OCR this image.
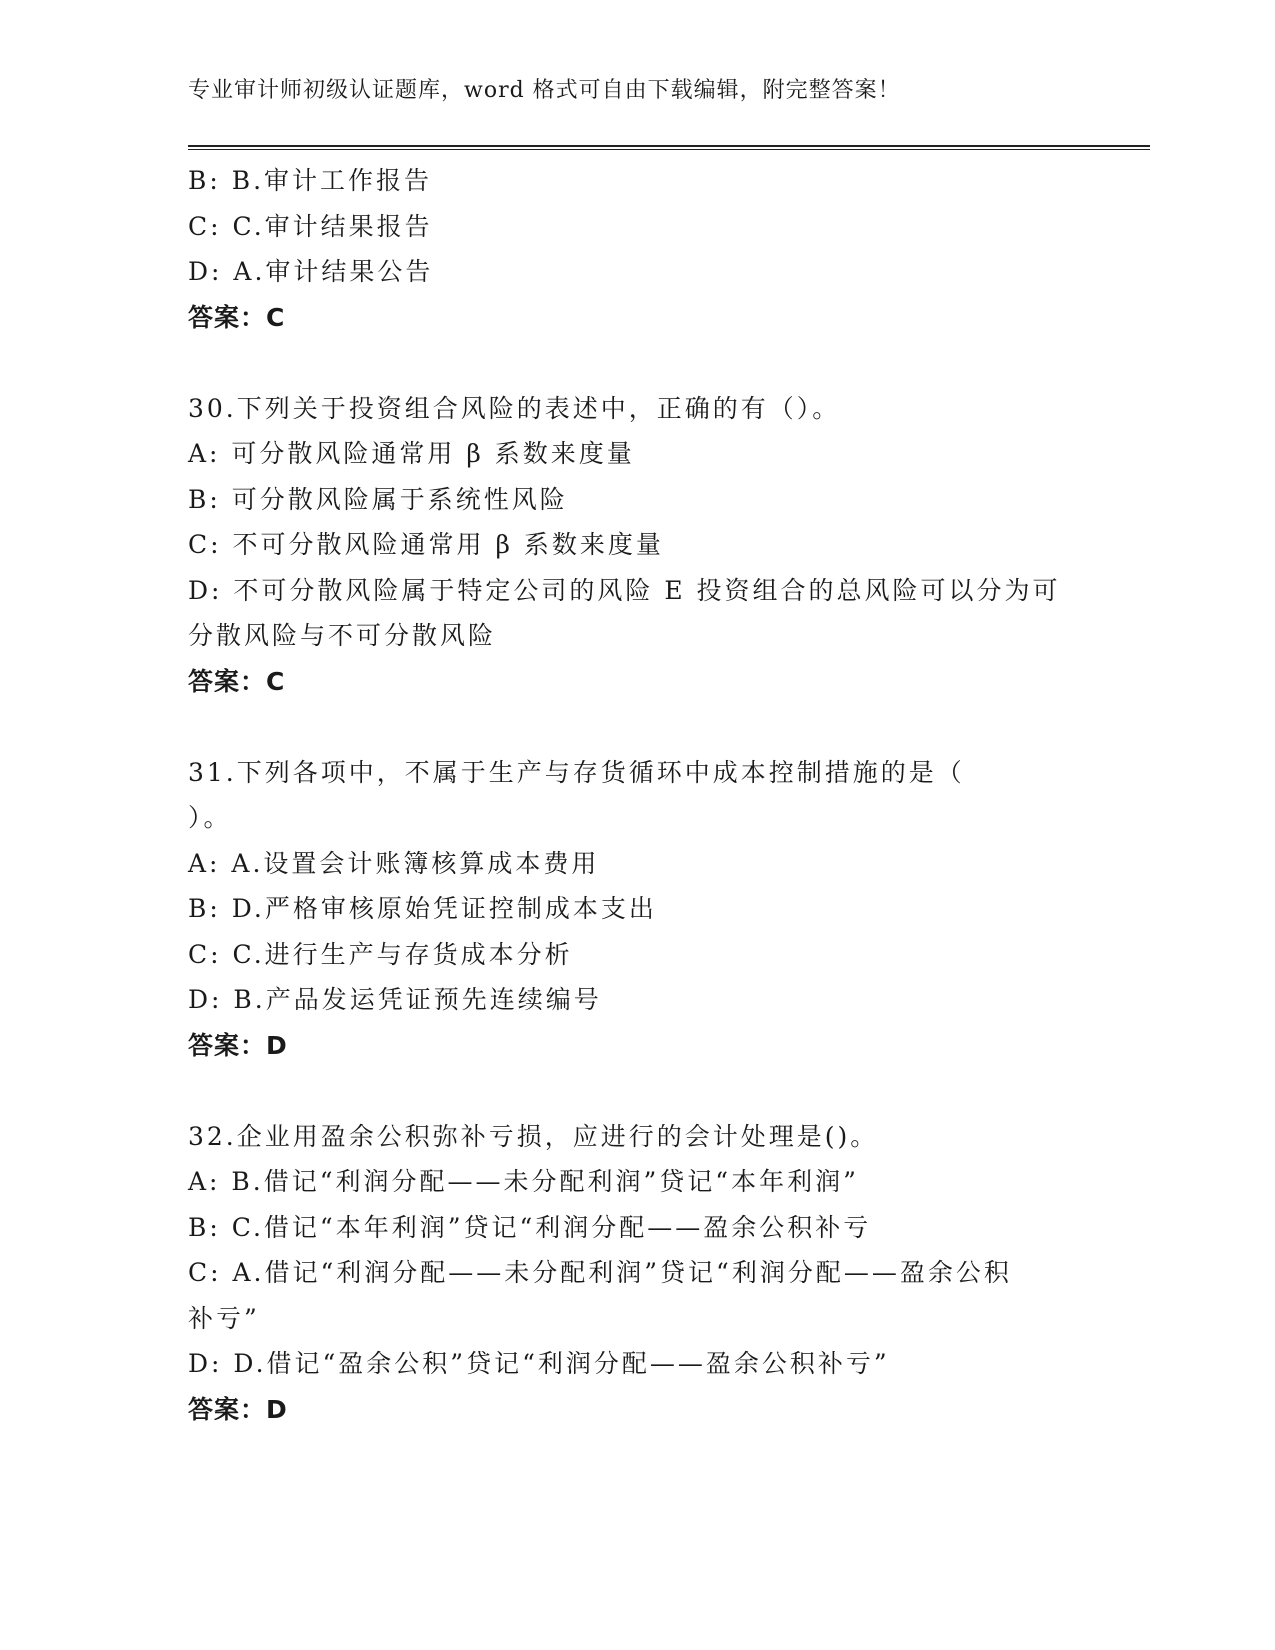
专业审计师初级认证题库，word 格式可自由下载编辑，附完整答案！
B: B.审计工作报告
C: C.审计结果报告
D: A.审计结果公告
答案：C
30.下列关于投资组合风险的表述中，正确的有（）。
A: 可分散风险通常用 β 系数来度量
B: 可分散风险属于系统性风险
C: 不可分散风险通常用 β 系数来度量
D: 不可分散风险属于特定公司的风险 E 投资组合的总风险可以分为可
分散风险与不可分散风险
答案：C
31.下列各项中，不属于生产与存货循环中成本控制措施的是（
）。
A: A.设置会计账簿核算成本费用
B: D.严格审核原始凭证控制成本支出
C: C.进行生产与存货成本分析
D: B.产品发运凭证预先连续编号
答案：D
32.企业用盈余公积弥补亏损，应进行的会计处理是()。
A: B.借记“利润分配——未分配利润”贷记“本年利润”
B: C.借记“本年利润”贷记“利润分配——盈余公积补亏
C: A.借记“利润分配——未分配利润”贷记“利润分配——盈余公积
补亏”
D: D.借记“盈余公积”贷记“利润分配——盈余公积补亏”
答案：D
